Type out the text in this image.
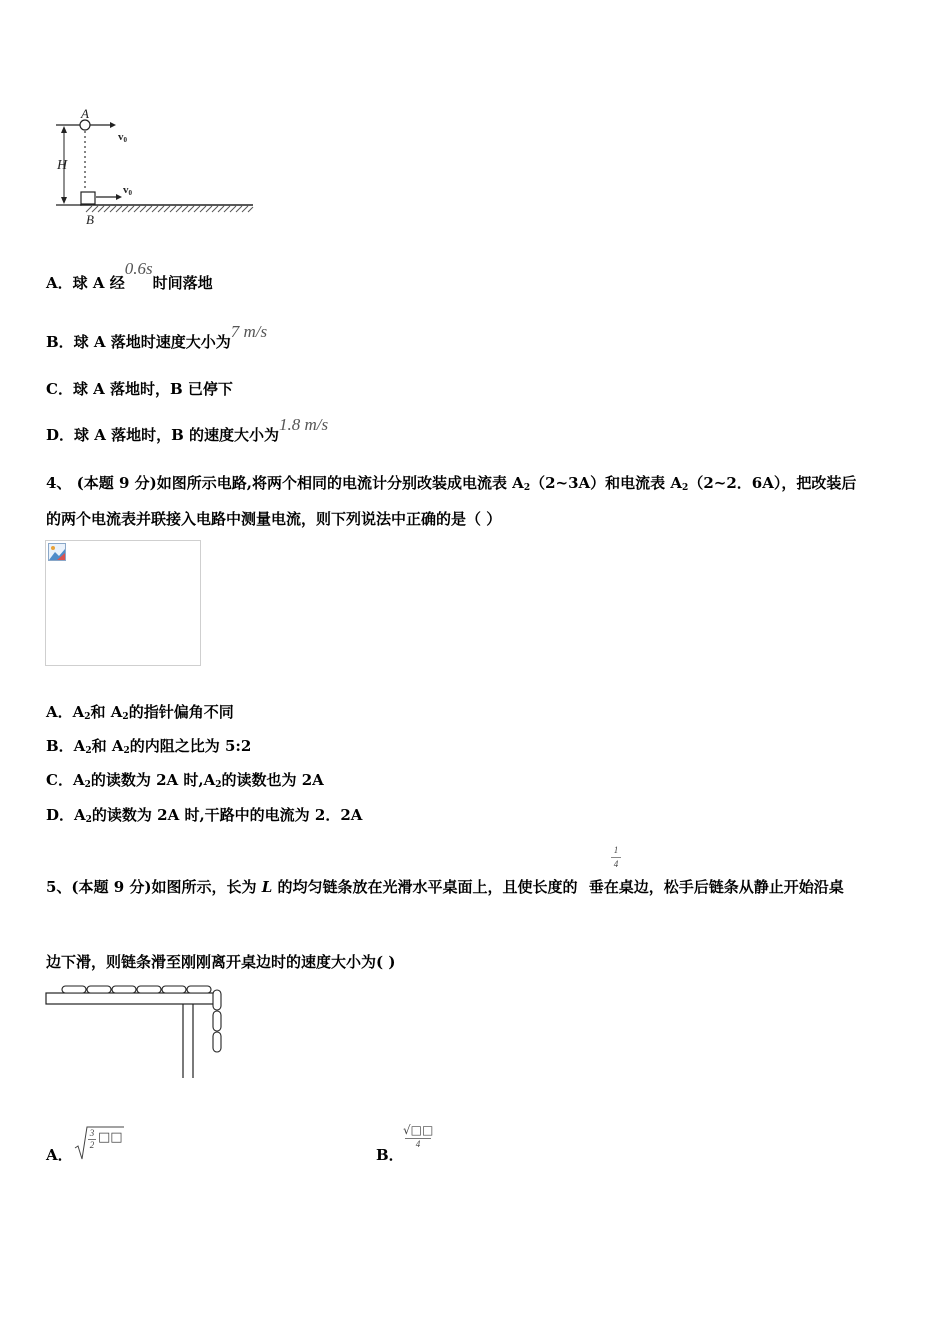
A
H
B
v0
v0
A．球 A 经0.6s时间落地
B．球 A 落地时速度大小为7 m/s
C．球 A 落地时，B 已停下
D．球 A 落地时，B 的速度大小为1.8 m/s
4、 (本题 9 分)如图所示电路,将两个相同的电流计分别改装成电流表 $A_2(2\sim 3A)$和电流表 $A_2(2\sim 2$．6A），把改装后
的两个电流表并联接入电路中测量电流，则下列说法中正确的是（ ）
A．$A_2$和 $A_2$的指针偏角不同
B．$A_2$和 $A_2$的内阻之比为 5:2
C．$A_2$的读数为 2A 时$,A_2$的读数也为 2A
D．$A_2$的读数为 2A 时,干路中的电流为 2．2A
1
4
5、(本题 9 分)如图所示，长为 L 的均匀链条放在光滑水平桌面上，且使长度的 垂在桌边，松手后链条从静止开始沿桌
边下滑，则链条滑至刚刚离开桌边时的速度大小为( )
A．
3
2 □□
B．
√□□
4
